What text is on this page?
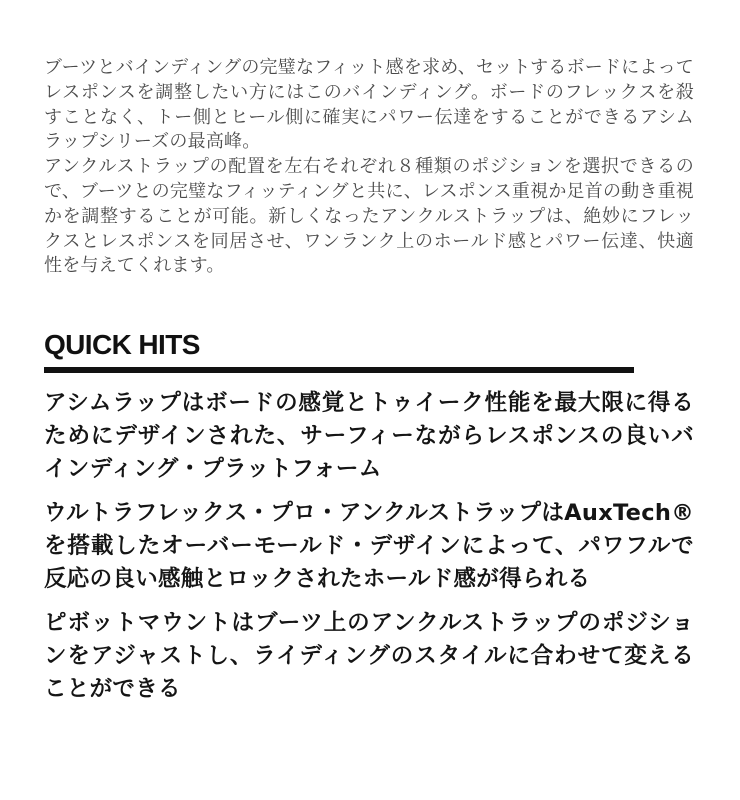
ブーツとバインディングの完璧なフィット感を求め、セットするボードによってレスポンスを調整したい方にはこのバインディング。ボードのフレックスを殺すことなく、トー側とヒール側に確実にパワー伝達をすることができるアシムラップシリーズの最高峰。

アンクルストラップの配置を左右それぞれ８種類のポジションを選択できるので、ブーツとの完璧なフィッティングと共に、レスポンス重視か足首の動き重視かを調整することが可能。新しくなったアンクルストラップは、絶妙にフレックスとレスポンスを同居させ、ワンランク上のホールド感とパワー伝達、快適性を与えてくれます。

QUICK HITS
アシムラップはボードの感覚とトゥイーク性能を最大限に得るためにデザインされた、サーフィーながらレスポンスの良いバインディング・プラットフォーム
ウルトラフレックス・プロ・アンクルストラップはAuxTech® を搭載したオーバーモールド・デザインによって、パワフルで反応の良い感触とロックされたホールド感が得られる
ピボットマウントはブーツ上のアンクルストラップのポジションをアジャストし、ライディングのスタイルに合わせて変えることができる
